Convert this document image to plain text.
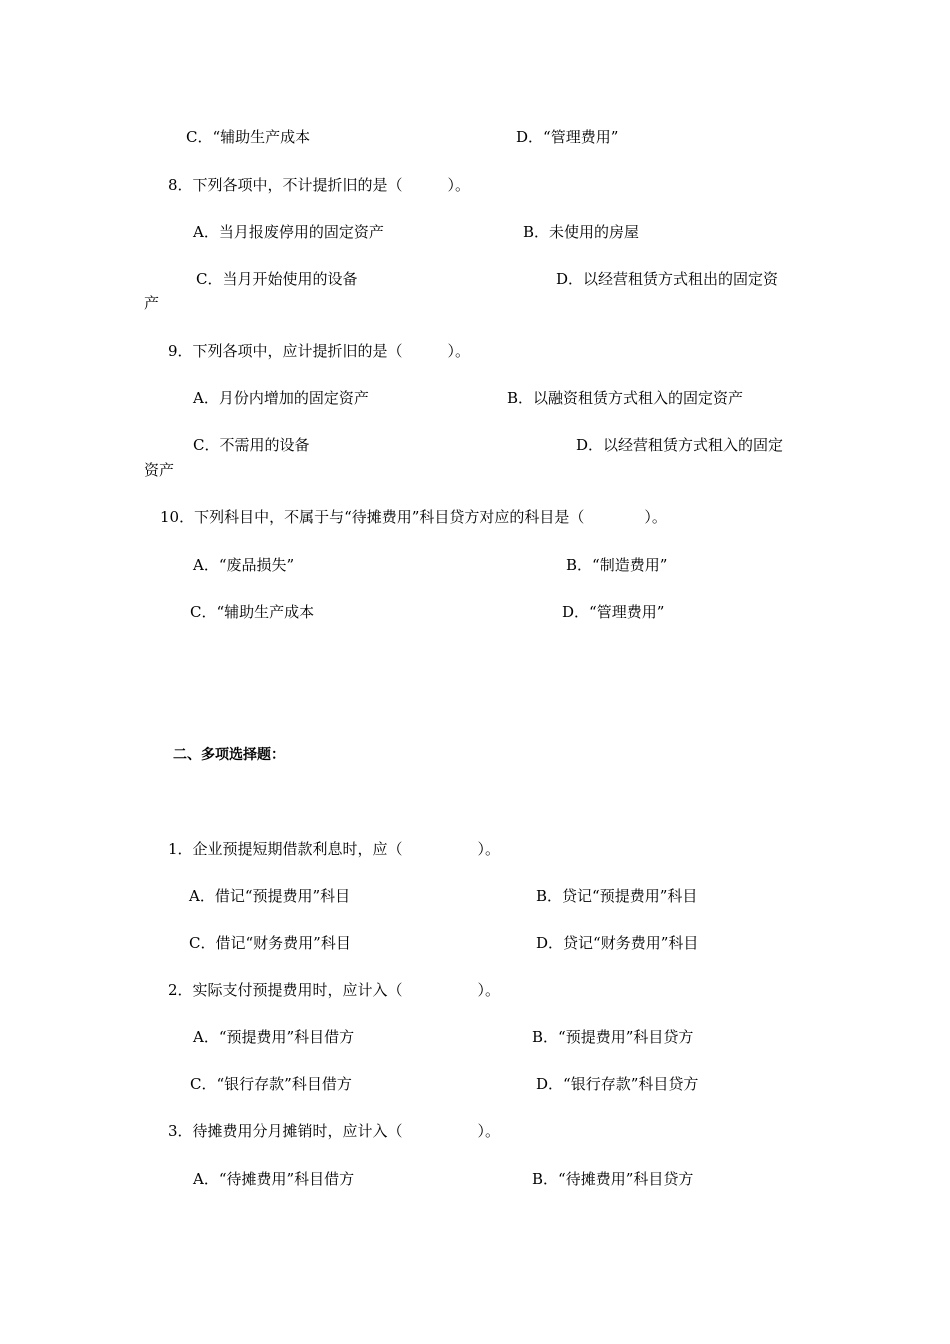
C．“辅助生产成本	D．“管理费用”
8．下列各项中，不计提折旧的是（　　　）。
A．当月报废停用的固定资产	B．未使用的房屋
C．当月开始使用的设备	D．以经营租赁方式租出的固定资
产
9．下列各项中，应计提折旧的是（　　　）。
A．月份内增加的固定资产	B．以融资租赁方式租入的固定资产
C．不需用的设备	D．以经营租赁方式租入的固定
资产
10．下列科目中，不属于与“待摊费用”科目贷方对应的科目是（　　　　）。
A．“废品损失”	B．“制造费用”
C．“辅助生产成本	D．“管理费用”
二、多项选择题：
1．企业预提短期借款利息时，应（　　　　　）。
A．借记“预提费用”科目	B．贷记“预提费用”科目
C．借记“财务费用”科目	D．贷记“财务费用”科目
2．实际支付预提费用时，应计入（　　　　　）。
A．“预提费用”科目借方	B．“预提费用”科目贷方
C．“银行存款”科目借方	D．“银行存款”科目贷方
3．待摊费用分月摊销时，应计入（　　　　　）。
A．“待摊费用”科目借方	B．“待摊费用”科目贷方
